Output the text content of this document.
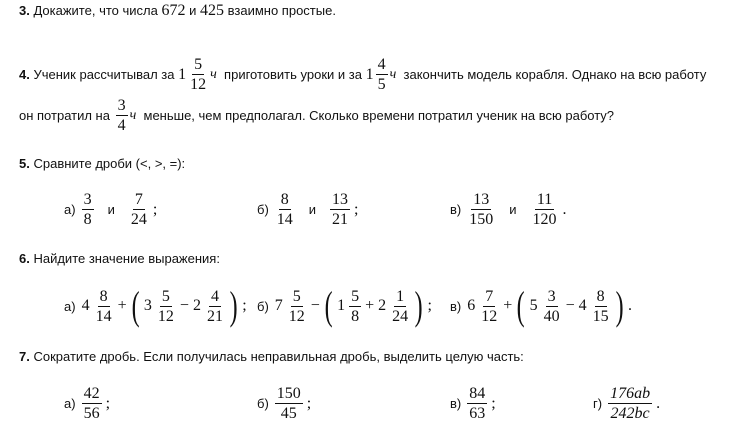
3. Докажите, что числа 672 и 425 взаимно простые.
4.
Ученик рассчитывал за
$1 \frac{5}{12}$ ч
приготовить уроки и за
$1 \frac{4}{5}$ ч
закончить модель корабля. Однако на всю работу
он потратил на
$\frac{3}{4}$ ч
меньше, чем предполагал. Сколько времени потратил ученик на всю работу?
5. Сравните дроби (<, >, =):
$а) \frac{3}{8}$ и $\frac{7}{24}$ ;	$б) \frac{8}{14}$ и $\frac{13}{21}$ ;	$в) \frac{13}{150}$ и $\frac{11}{120}$ .
6. Найдите значение выражения:
а) $4 \frac{8}{14}$ + ( $3 \frac{5}{12} - 2 \frac{4}{21}$ ) ; б) $7 \frac{5}{12}$ − ( $1 \frac{5}{8} + 2 \frac{1}{24}$ ) ; в) $6 \frac{7}{12}$ + ( $5 \frac{3}{40} - 4 \frac{8}{15}$ ) .
7. Сократите дробь. Если получилась неправильная дробь, выделить целую часть:
$а) \frac{42}{56}$ ;	$б) \frac{150}{45}$ ;	$в) \frac{84}{63}$ ;	$г) \frac{176ab}{242bc}$ .
